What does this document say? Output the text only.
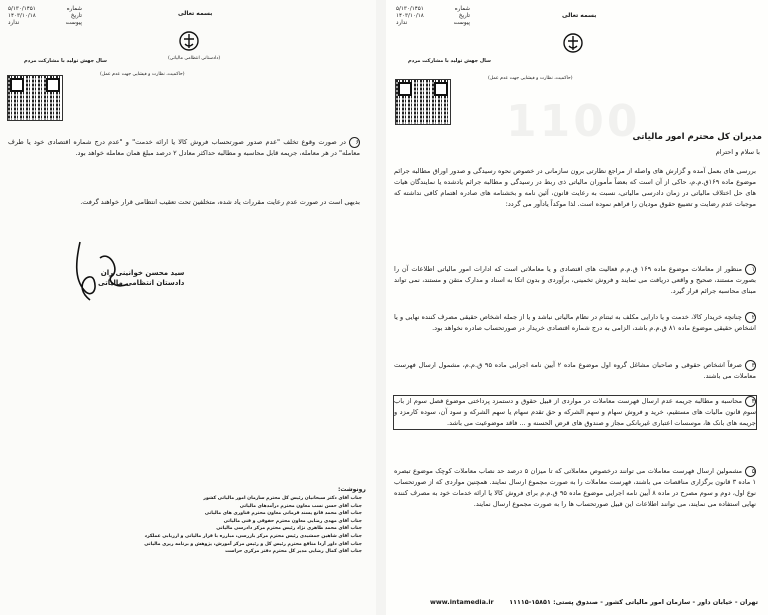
شماره
۵/۱۳۰/۱۴۵۱
تاریخ
۱۴۰۳/۱۰/۱۸
پیوست
ندارد
بسمه تعالی
(دادستانی انتظامی مالیاتی)
(حاکمیت، نظارت و فیشایی جهت عدم عمل)
سال جهش تولید با مشارکت مردم
۶در صورت وقوع تخلف "عدم صدور صورتحساب فروش کالا یا ارائه خدمت" و "عدم درج شماره اقتصادی خود یا طرف معامله" در هر معامله، جریمه قابل محاسبه و مطالبه حداکثر معادل ۲ درصد مبلغ همان معامله خواهد بود.
بدیهی است در صورت عدم رعایت مقررات یاد شده، متخلفین تحت تعقیب انتظامی قرار خواهند گرفت.
سید محسن خوانینی ران
دادستان انتظامی مالیاتی
رونوشت:
جناب آقای دکتر سبحانیان رئیس کل محترم سازمان امور مالیاتی کشور
جناب آقای حسن نسب معاون محترم درآمدهای مالیاتی
جناب آقای محمد قانع پسند فرمانی معاون محترم فناوری های مالیاتی
جناب آقای مهدی رضایی معاون محترم حقوقی و فنی مالیاتی
جناب آقای محمد طاهری نژاد رئیس محترم مرکز دادرسی مالیاتی
جناب آقای شاهین جمشیدی رئیس محترم مرکز بازرسی، مبارزه با فرار مالیاتی و ارزیابی عملکرد
جناب آقای داور آزدا منافع محترم رئیس کل و رئیس مرکز آموزش، پژوهش و برنامه ریزی مالیاتی
جناب آقای کمال رضایی مدیر کل محترم دفتر مرکزی حراست
شماره
۵/۱۳۰/۱۴۵۱
تاریخ
۱۴۰۳/۱۰/۱۸
پیوست
ندارد
بسمه تعالی
(حاکمیت، نظارت و فیشایی جهت عدم عمل)
سال جهش تولید با مشارکت مردم
1100
مدیران کل محترم امور مالیاتی
با سلام و احترام
بررسی های بعمل آمده و گزارش های واصله از مراجع نظارتی برون سازمانی در خصوص نحوه رسیدگی و صدور اوراق مطالبه جرائم موضوع ماده ۱۶۹ق.م.م، حاکی از آن است که بعضاً مأموران مالیاتی ذی ربط در رسیدگی و مطالبه جرائم یادشده یا نمایندگان هیات های حل اختلاف مالیاتی در زمان دادرسی مالیاتی، نسبت به رعایت قانون، آئین نامه و بخشنامه های صادره اهتمام کافی نداشته که موجبات عدم رضایت و تضییع حقوق مودیان را فراهم نموده است. لذا موکداً یادآور می گردد:
۱منظور از معاملات موضوع ماده ۱۶۹ ق.م.م فعالیت های اقتصادی و یا معاملاتی است که ادارات امور مالیاتی اطلاعات آن را بصورت مستند، صحیح و واقعی دریافت می نمایند و فروش تخمینی، برآوردی و بدون اتکا به اسناد و مدارک متقن و مستند، نمی تواند مبنای محاسبه جرائم قرار گیرد.
۲چنانچه خریدار کالا، خدمت و یا دارایی مکلف به ثبتنام در نظام مالیاتی نباشد و یا از جمله اشخاص حقیقی مصرف کننده نهایی و یا اشخاص حقیقی موضوع ماده ۸۱ ق.م.م باشد، الزامی به درج شماره اقتصادی خریدار در صورتحساب صادره نخواهد بود.
۳صرفاً اشخاص حقوقی و صاحبان مشاغل گروه اول موضوع ماده ۲ آیین نامه اجرایی ماده ۹۵ ق.م.م، مشمول ارسال فهرست معاملات می باشند.
۴محاسبه و مطالبه جریمه عدم ارسال فهرست معاملات در مواردی از قبیل حقوق و دستمزد پرداختی موضوع فصل سوم از باب سوم قانون مالیات های مستقیم، خرید و فروش سهام و سهم الشرکه و حق تقدم سهام یا سهم الشرکه و سود آن، سوده کارمزد و جریمه های بانک ها، موسسات اعتباری غیربانکی مجاز و صندوق های قرض الحسنه و ... فاقد موضوعیت می باشد.
۵مشمولین ارسال فهرست معاملات می توانند درخصوص معاملاتی که تا میزان ۵ درصد حد نصاب معاملات کوچک موضوع تبصره ۱ ماده ۳ قانون برگزاری مناقصات می باشند، فهرست معاملات را به صورت مجموع ارسال نمایند. همچنین مواردی که از صورتحساب نوع اول، دوم و سوم مصرح در ماده ۸ آیین نامه اجرایی موضوع ماده ۹۵ ق.م.م برای فروش کالا یا ارائه خدمات خود به مصرف کننده نهایی استفاده می نمایند، می توانند اطلاعات این قبیل صورتحساب ها را به صورت مجموع ارسال نمایند.
تهران - خیابان داور - سازمان امور مالیاتی کشور - صندوق پستی: ۱۵۸۵۱-۱۱۱۱۵
www.intamedia.ir
